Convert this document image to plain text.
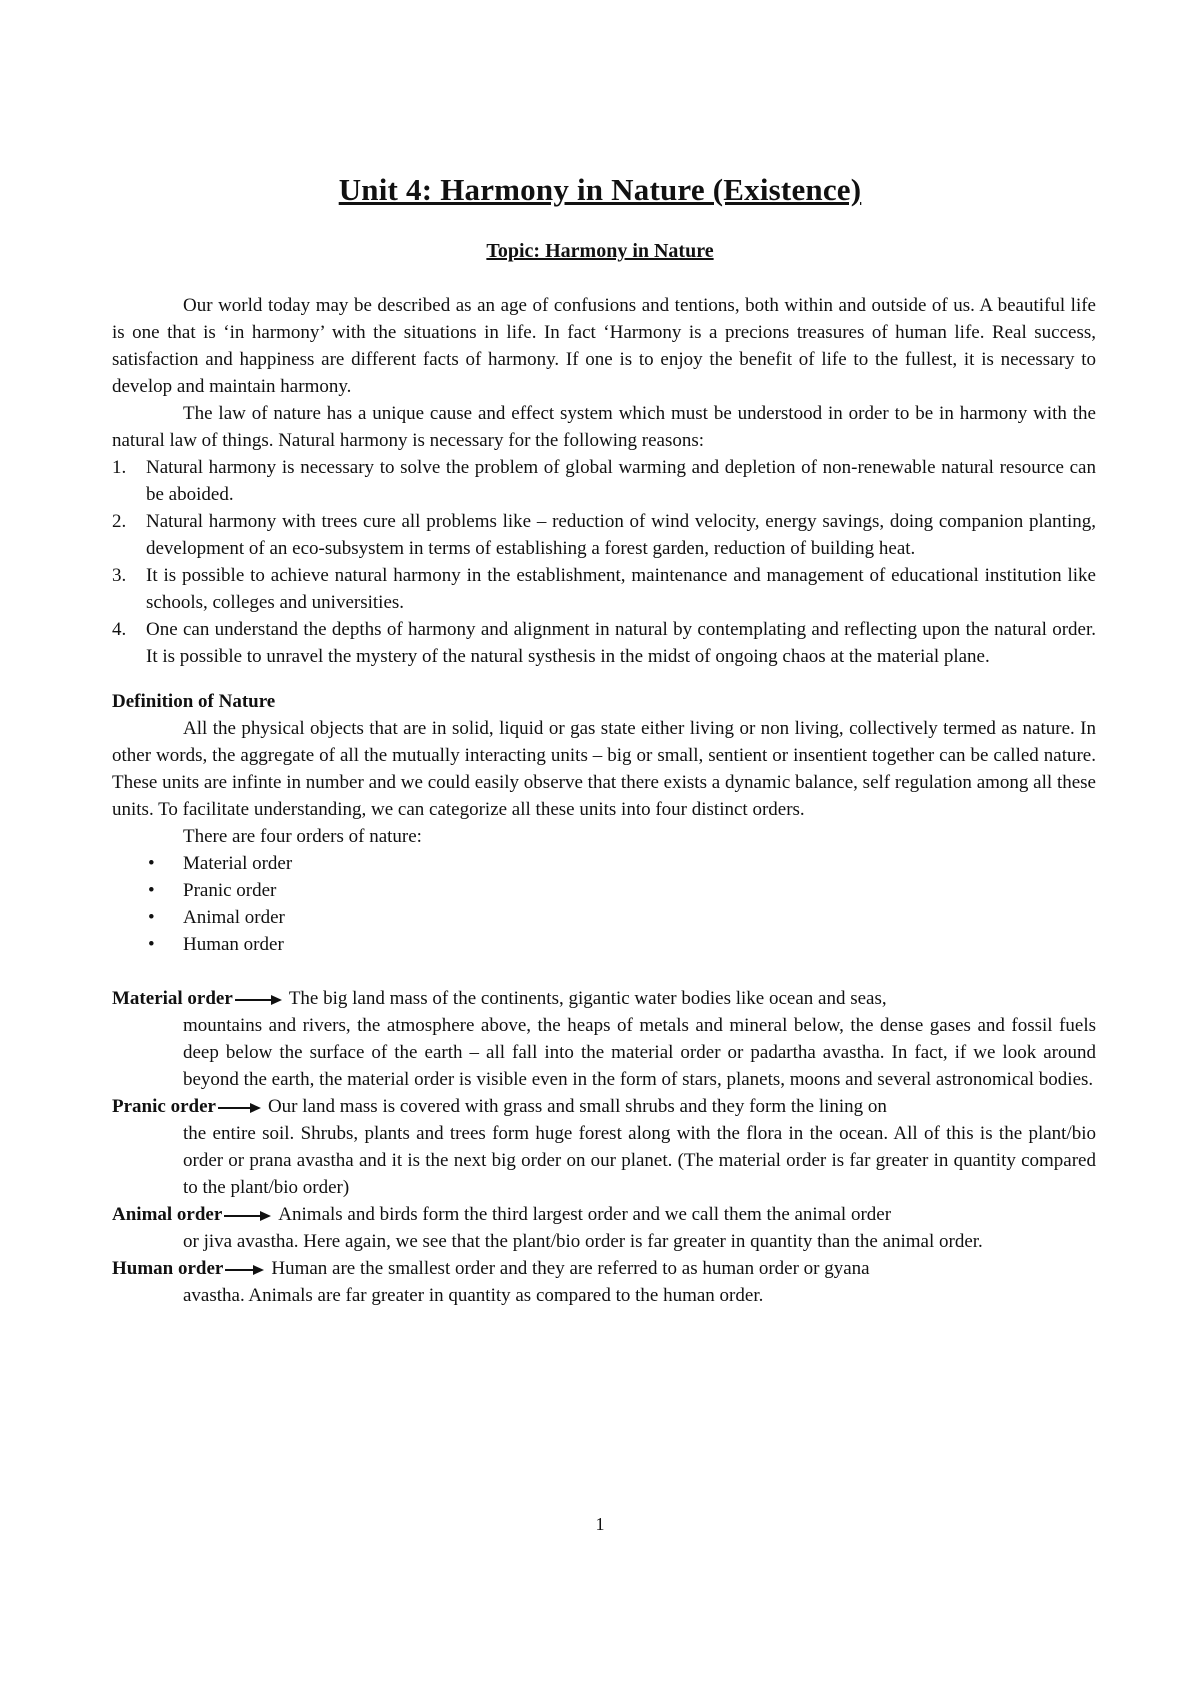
Unit 4: Harmony in Nature (Existence)
Topic: Harmony in Nature

Our world today may be described as an age of confusions and tentions, both within and outside of us. A beautiful life is one that is ‘in harmony’ with the situations in life. In fact ‘Harmony is a precions treasures of human life. Real success, satisfaction and happiness are different facts of harmony. If one is to enjoy the benefit of life to the fullest, it is necessary to develop and maintain harmony.

The law of nature has a unique cause and effect system which must be understood in order to be in harmony with the natural law of things. Natural harmony is necessary for the following reasons:

1. Natural harmony is necessary to solve the problem of global warming and depletion of non-renewable natural resource can be aboided.
2. Natural harmony with trees cure all problems like – reduction of wind velocity, energy savings, doing companion planting, development of an eco-subsystem in terms of establishing a forest garden, reduction of building heat.
3. It is possible to achieve natural harmony in the establishment, maintenance and management of educational institution like schools, colleges and universities.
4. One can understand the depths of harmony and alignment in natural by contemplating and reflecting upon the natural order. It is possible to unravel the mystery of the natural systhesis in the midst of ongoing chaos at the material plane.
Definition of Nature

All the physical objects that are in solid, liquid or gas state either living or non living, collectively termed as nature. In other words, the aggregate of all the mutually interacting units – big or small, sentient or insentient together can be called nature. These units are infinte in number and we could easily observe that there exists a dynamic balance, self regulation among all these units. To facilitate understanding, we can categorize all these units into four distinct orders.

There are four orders of nature:

• Material order
• Pranic order
• Animal order
• Human order
Material order	The big land mass of the continents, gigantic water bodies like ocean and seas,
mountains and rivers, the atmosphere above, the heaps of metals and mineral below, the dense gases and fossil fuels deep below the surface of the earth – all fall into the material order or padartha avastha. In fact, if we look around beyond the earth, the material order is visible even in the form of stars, planets, moons and several astronomical bodies.
Pranic order	Our land mass is covered with grass and small shrubs and they form the lining on
the entire soil. Shrubs, plants and trees form huge forest along with the flora in the ocean. All of this is the plant/bio order or prana avastha and it is the next big order on our planet. (The material order is far greater in quantity compared to the plant/bio order)
Animal order	Animals and birds form the third largest order and we call them the animal order
or jiva avastha. Here again, we see that the plant/bio order is far greater in quantity than the animal order.
Human order	Human are the smallest order and they are referred to as human order or gyana
avastha. Animals are far greater in quantity as compared to the human order.
1
